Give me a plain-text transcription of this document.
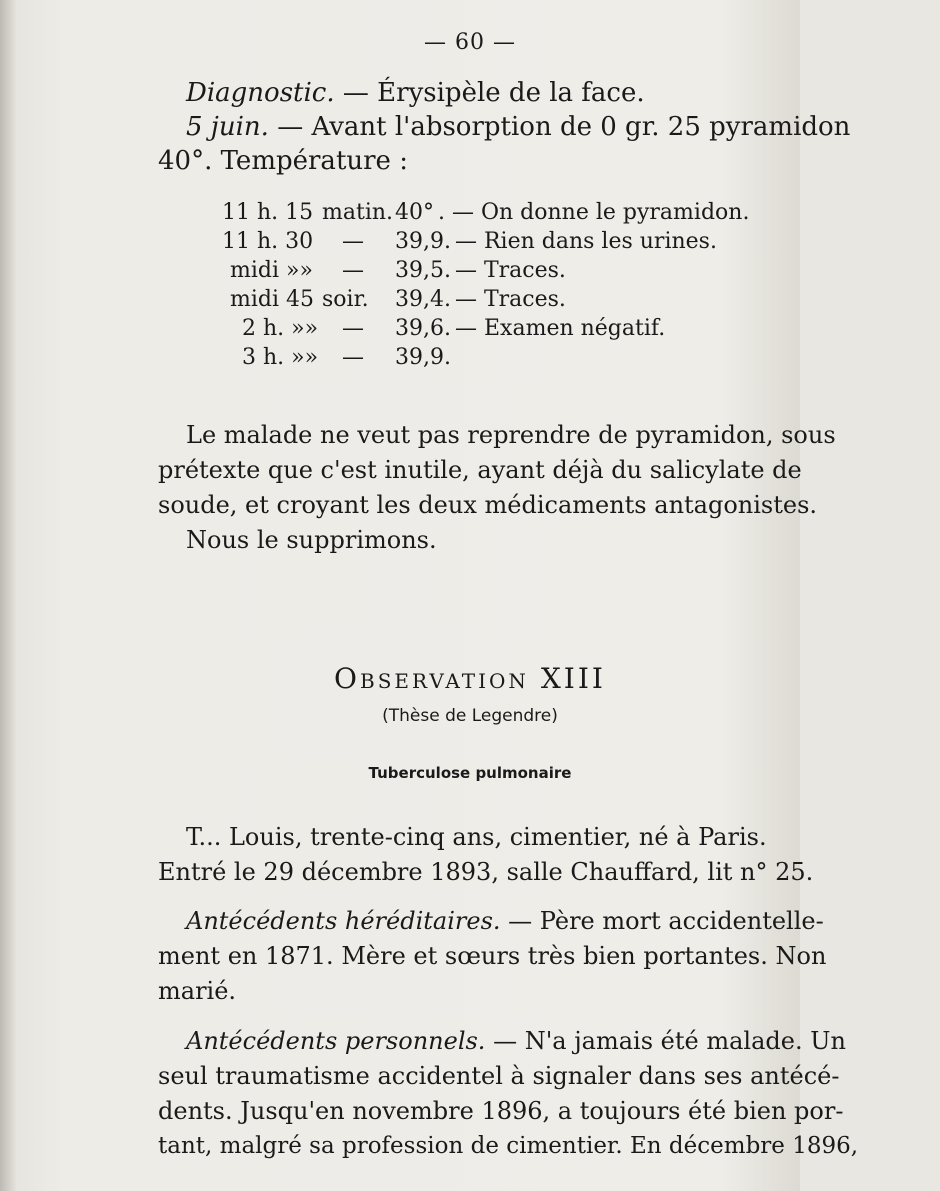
— 60 —
Diagnostic. — Érysipèle de la face.
5 juin. — Avant l'absorption de 0 gr. 25 pyramidon
40°. Température :
11 h. 15 matin. 40° . — On donne le pyramidon.
11 h. 30 — 39,9. — Rien dans les urines.
midi »» — 39,5. — Traces.
midi 45 soir. 39,4. — Traces.
2 h. »» — 39,6. — Examen négatif.
3 h. »» — 39,9.
Le malade ne veut pas reprendre de pyramidon, sous
prétexte que c'est inutile, ayant déjà du salicylate de
soude, et croyant les deux médicaments antagonistes.
Nous le supprimons.
Observation XIII
(Thèse de Legendre)
Tuberculose pulmonaire
T... Louis, trente-cinq ans, cimentier, né à Paris.
Entré le 29 décembre 1893, salle Chauffard, lit n° 25.
Antécédents héréditaires. — Père mort accidentelle-
ment en 1871. Mère et sœurs très bien portantes. Non
marié.
Antécédents personnels. — N'a jamais été malade. Un
seul traumatisme accidentel à signaler dans ses antécé-
dents. Jusqu'en novembre 1896, a toujours été bien por-
tant, malgré sa profession de cimentier. En décembre 1896,
